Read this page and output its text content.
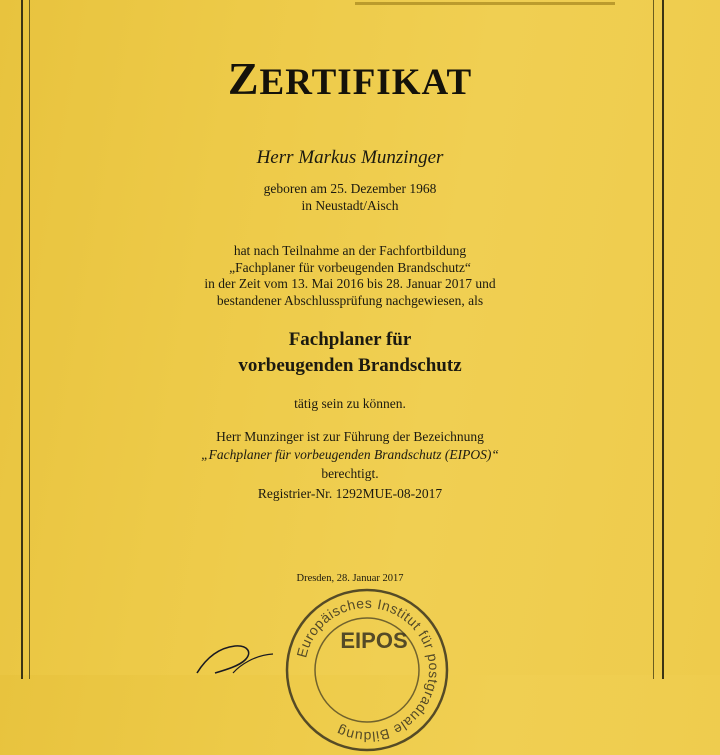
ZERTIFIKAT
Herr Markus Munzinger
geboren am 25. Dezember 1968
in Neustadt/Aisch
hat nach Teilnahme an der Fachfortbildung
„Fachplaner für vorbeugenden Brandschutz“
in der Zeit vom 13. Mai 2016 bis 28. Januar 2017 und
bestandener Abschlussprüfung nachgewiesen, als
Fachplaner für
vorbeugenden Brandschutz
tätig sein zu können.
Herr Munzinger ist zur Führung der Bezeichnung
„Fachplaner für vorbeugenden Brandschutz (EIPOS)“
berechtigt.
Registrier-Nr. 1292MUE-08-2017
Dresden, 28. Januar 2017
Europäisches Institut für postgraduale Bildung
EIPOS
